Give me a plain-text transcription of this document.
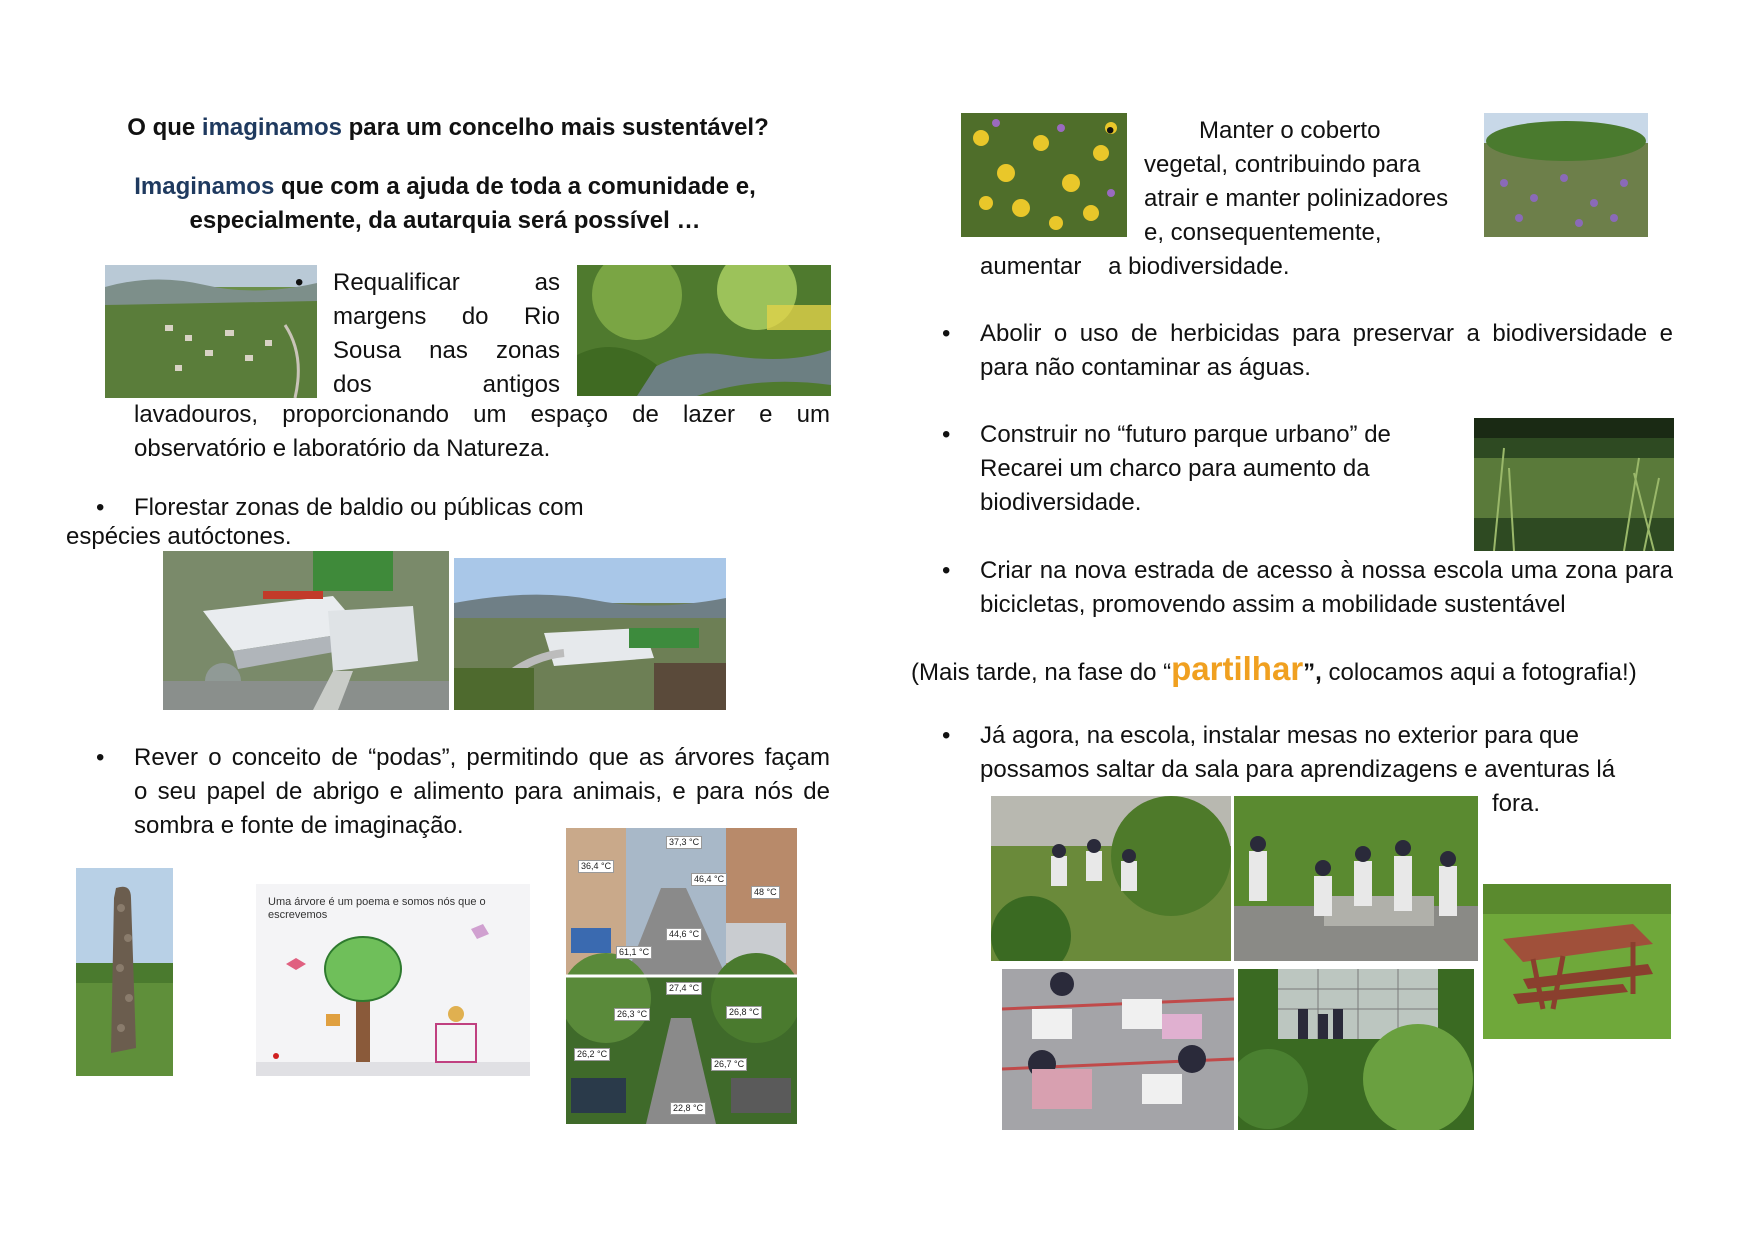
O que imaginamos para um concelho mais sustentável?
Imaginamos que com a ajuda de toda a comunidade e,
especialmente, da autarquia será possível …
• Requalificar as
margens do Rio
Sousa nas zonas
dos antigos
lavadouros, proporcionando um espaço de lazer e um
observatório e laboratório da Natureza.
• Florestar zonas de baldio ou públicas com
espécies autóctones.
• Rever o conceito de “podas”, permitindo que as árvores façam
o seu papel de abrigo e alimento para animais, e para nós de
sombra e fonte de imaginação.
Uma árvore é um poema e somos nós que o escrevemos
37,3 °C
36,4 °C
46,4 °C
48 °C
44,6 °C
61,1 °C
27,4 °C
26,3 °C	26,8 °C
26,2 °C
26,7 °C
22,8 °C
• Manter o coberto
vegetal, contribuindo para
atrair e manter polinizadores
e, consequentemente,
aumentar    a biodiversidade.
• Abolir o uso de herbicidas para preservar a biodiversidade e
para não contaminar as águas.
• Construir no “futuro parque urbano” de
Recarei um charco para aumento da
biodiversidade.
• Criar na nova estrada de acesso à nossa escola uma zona para
bicicletas, promovendo assim a mobilidade sustentável
(Mais tarde, na fase do “partilhar”, colocamos aqui a fotografia!)
• Já agora, na escola, instalar mesas no exterior para que
possamos saltar da sala para aprendizagens e aventuras lá
fora.
